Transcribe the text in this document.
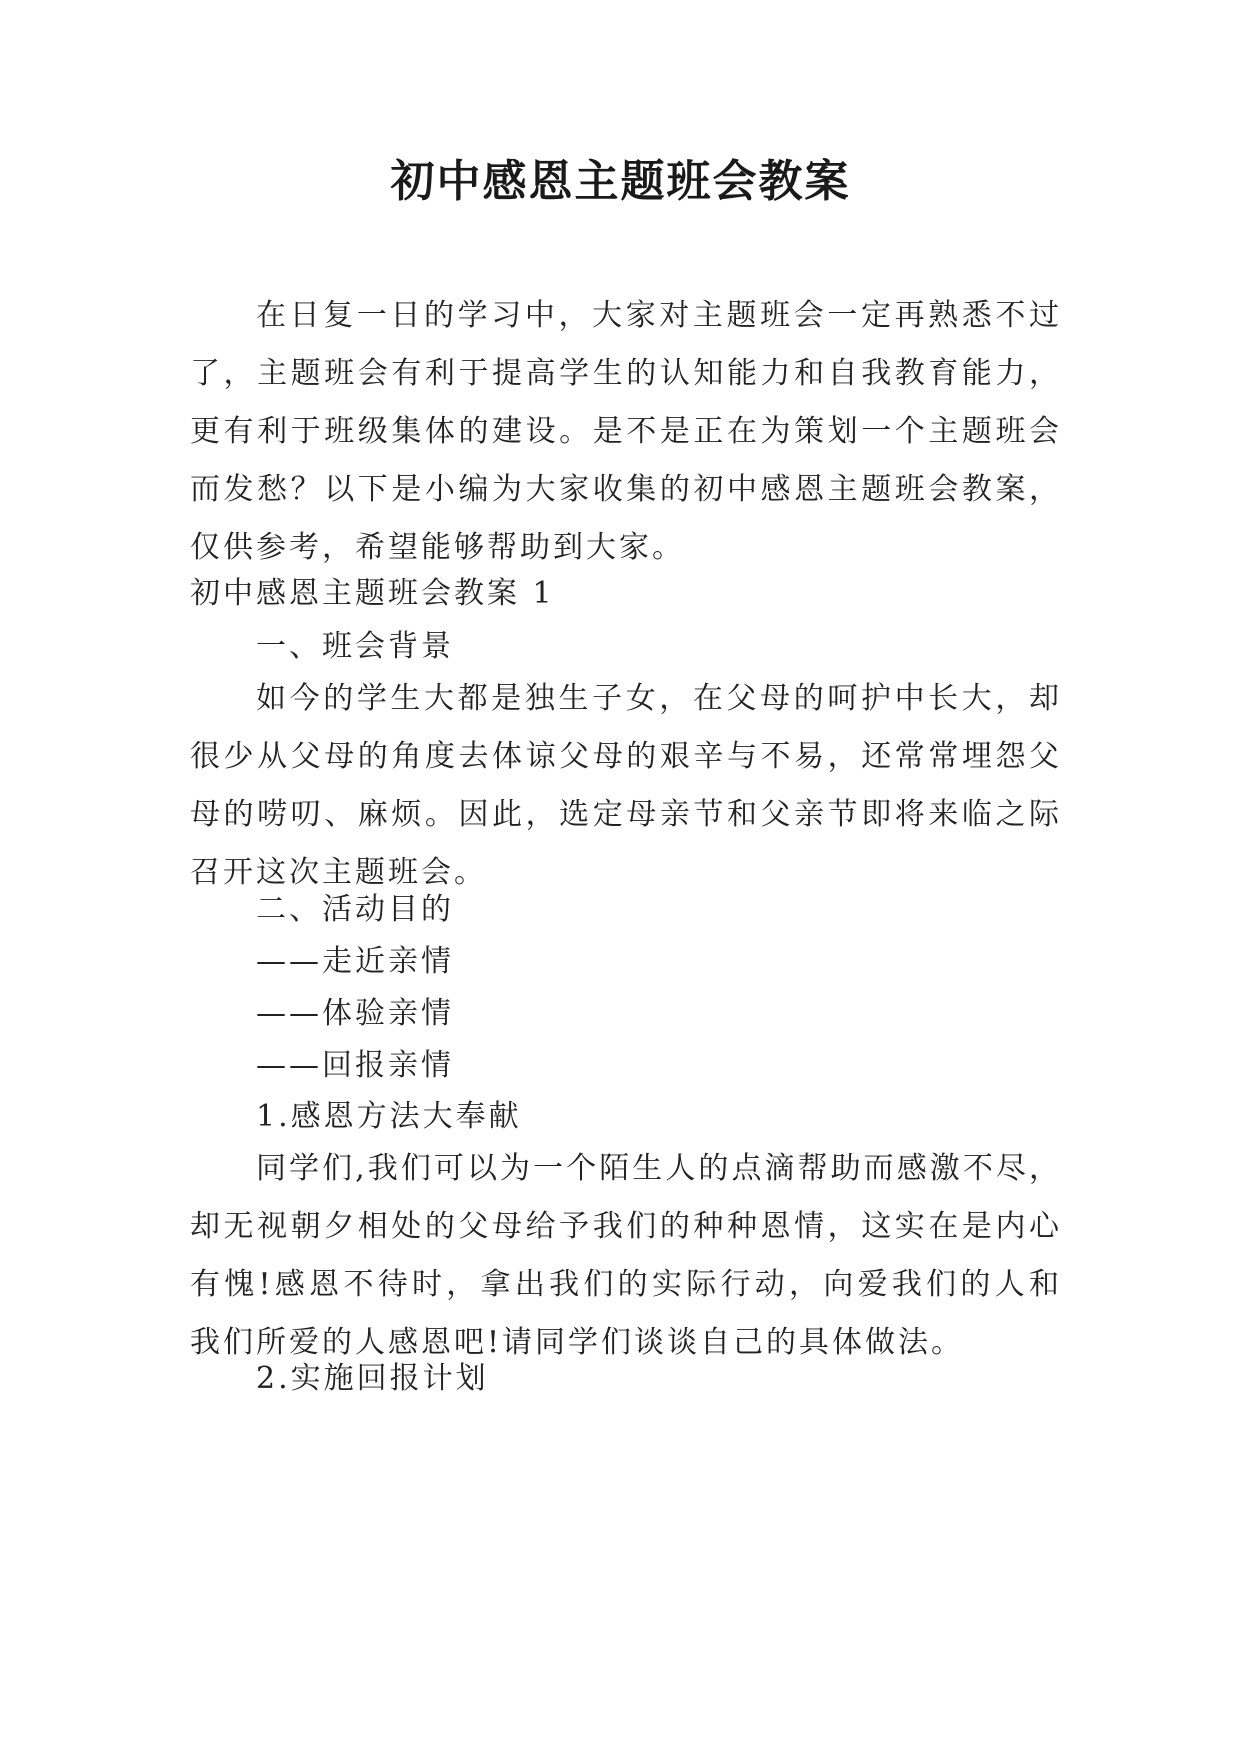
初中感恩主题班会教案
在日复一日的学习中，大家对主题班会一定再熟悉不过了，主题班会有利于提高学生的认知能力和自我教育能力，更有利于班级集体的建设。是不是正在为策划一个主题班会而发愁？以下是小编为大家收集的初中感恩主题班会教案，仅供参考，希望能够帮助到大家。
初中感恩主题班会教案 1
一、班会背景
如今的学生大都是独生子女，在父母的呵护中长大，却很少从父母的角度去体谅父母的艰辛与不易，还常常埋怨父母的唠叨、麻烦。因此，选定母亲节和父亲节即将来临之际召开这次主题班会。
二、活动目的
——走近亲情
——体验亲情
——回报亲情
1.感恩方法大奉献
同学们,我们可以为一个陌生人的点滴帮助而感激不尽，却无视朝夕相处的父母给予我们的种种恩情，这实在是内心有愧!感恩不待时，拿出我们的实际行动，向爱我们的人和我们所爱的人感恩吧!请同学们谈谈自己的具体做法。
2.实施回报计划
